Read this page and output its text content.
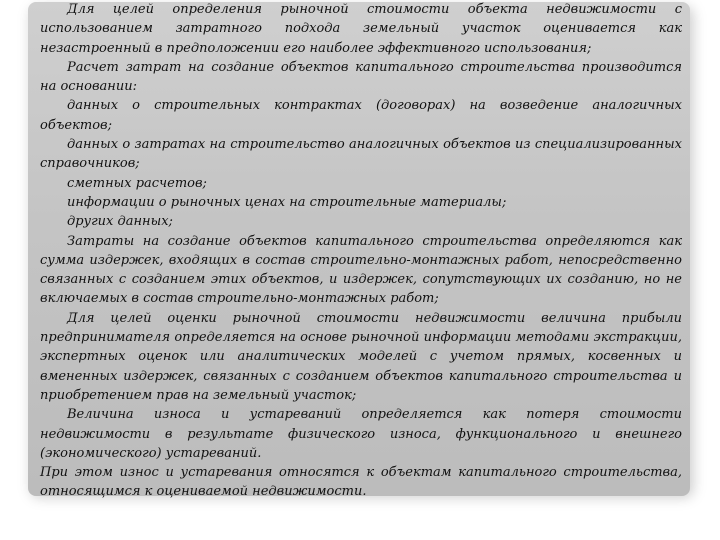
Для целей определения рыночной стоимости объекта недвижимости с использованием затратного подхода земельный участок оценивается как незастроенный в предположении его наиболее эффективного использования;

Расчет затрат на создание объектов капитального строительства производится на основании:

данных о строительных контрактах (договорах) на возведение аналогичных объектов;

данных о затратах на строительство аналогичных объектов из специализированных справочников;

сметных расчетов;

информации о рыночных ценах на строительные материалы;

других данных;

Затраты на создание объектов капитального строительства определяются как сумма издержек, входящих в состав строительно-монтажных работ, непосредственно связанных с созданием этих объектов, и издержек, сопутствующих их созданию, но не включаемых в состав строительно-монтажных работ;

Для целей оценки рыночной стоимости недвижимости величина прибыли предпринимателя определяется на основе рыночной информации методами экстракции, экспертных оценок или аналитических моделей с учетом прямых, косвенных и вмененных издержек, связанных с созданием объектов капитального строительства и приобретением прав на земельный участок;

Величина износа и устареваний определяется как потеря стоимости недвижимости в результате физического износа, функционального и внешнего (экономического) устареваний.

При этом износ и устаревания относятся к объектам капитального строительства, относящимся к оцениваемой недвижимости.
